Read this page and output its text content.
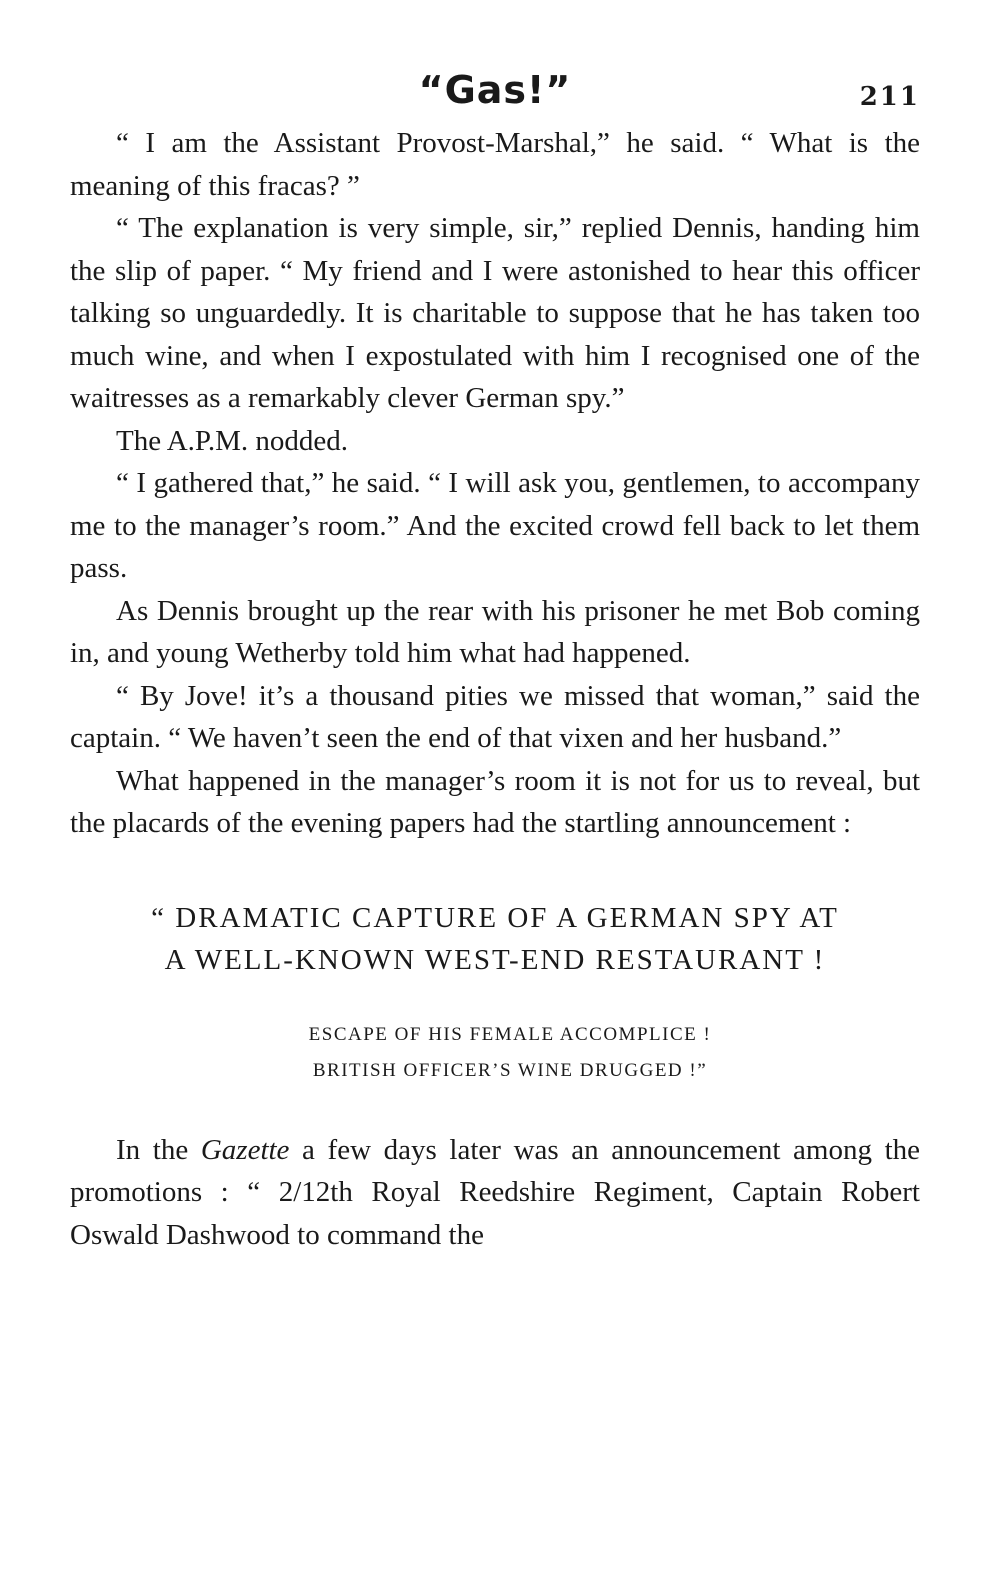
“Gas!”	211

“ I am the Assistant Provost-Marshal,” he said. “ What is the meaning of this fracas? ”

“ The explanation is very simple, sir,” replied Dennis, handing him the slip of paper. “ My friend and I were astonished to hear this officer talking so unguardedly. It is charitable to suppose that he has taken too much wine, and when I expostulated with him I recognised one of the waitresses as a remarkably clever German spy.”

The A.P.M. nodded.

“ I gathered that,” he said. “ I will ask you, gentlemen, to accompany me to the manager’s room.” And the excited crowd fell back to let them pass.

As Dennis brought up the rear with his prisoner he met Bob coming in, and young Wetherby told him what had happened.

“ By Jove! it’s a thousand pities we missed that woman,” said the captain. “ We haven’t seen the end of that vixen and her husband.”

What happened in the manager’s room it is not for us to reveal, but the placards of the evening papers had the startling announcement :

“ DRAMATIC CAPTURE OF A GERMAN SPY AT
A WELL-KNOWN WEST-END RESTAURANT !
ESCAPE OF HIS FEMALE ACCOMPLICE !
BRITISH OFFICER’S WINE DRUGGED !”

In the Gazette a few days later was an announcement among the promotions : “ 2/12th Royal Reedshire Regiment, Captain Robert Oswald Dashwood to command the
